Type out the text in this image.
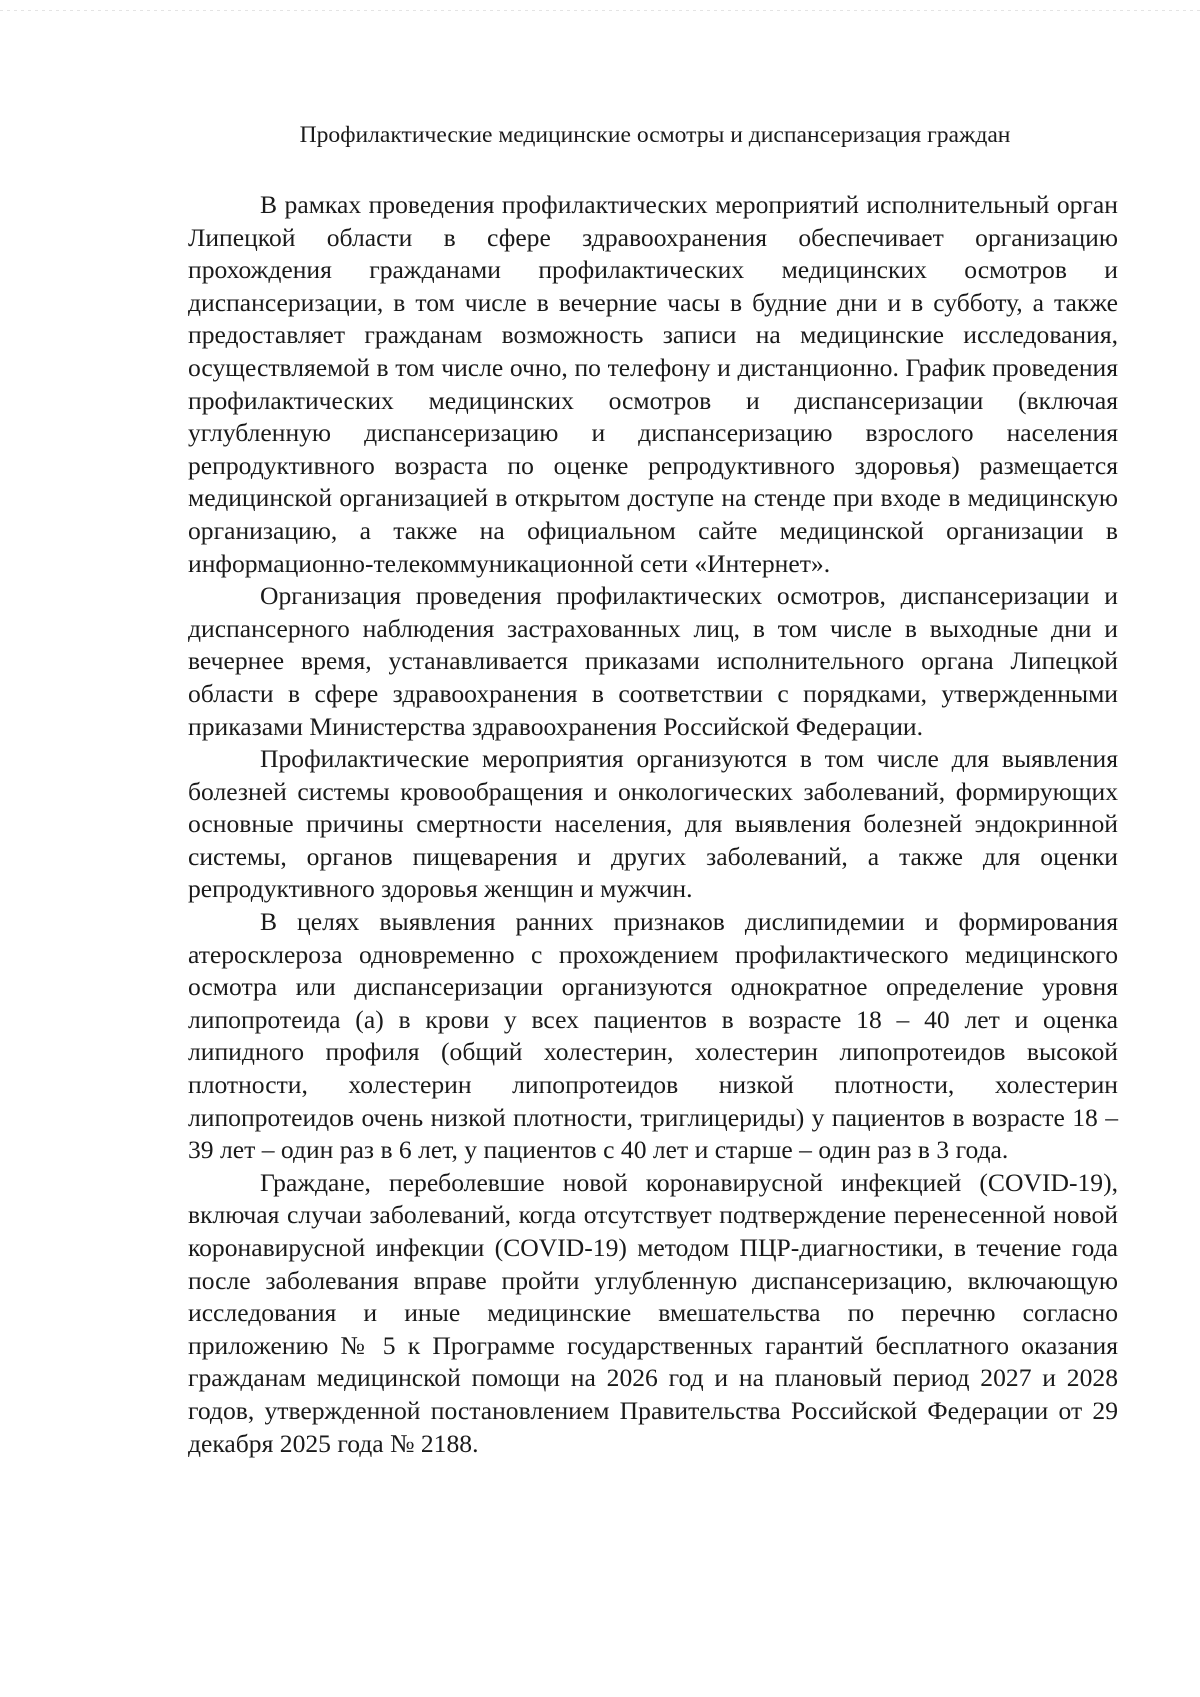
Профилактические медицинские осмотры и диспансеризация граждан

В рамках проведения профилактических мероприятий исполнительный орган Липецкой области в сфере здравоохранения обеспечивает организацию прохождения гражданами профилактических медицинских осмотров и диспансеризации, в том числе в вечерние часы в будние дни и в субботу, а также предоставляет гражданам возможность записи на медицинские исследования, осуществляемой в том числе очно, по телефону и дистанционно. График проведения профилактических медицинских осмотров и диспансеризации (включая углубленную диспансеризацию и диспансеризацию взрослого населения репродуктивного возраста по оценке репродуктивного здоровья) размещается медицинской организацией в открытом доступе на стенде при входе в медицинскую организацию, а также на официальном сайте медицинской организации в информационно-телекоммуникационной сети «Интернет».

Организация проведения профилактических осмотров, диспансеризации и диспансерного наблюдения застрахованных лиц, в том числе в выходные дни и вечернее время, устанавливается приказами исполнительного органа Липецкой области в сфере здравоохранения в соответствии с порядками, утвержденными приказами Министерства здравоохранения Российской Федерации.

Профилактические мероприятия организуются в том числе для выявления болезней системы кровообращения и онкологических заболеваний, формирующих основные причины смертности населения, для выявления болезней эндокринной системы, органов пищеварения и других заболеваний, а также для оценки репродуктивного здоровья женщин и мужчин.

В целях выявления ранних признаков дислипидемии и формирования атеросклероза одновременно с прохождением профилактического медицинского осмотра или диспансеризации организуются однократное определение уровня липопротеида (а) в крови у всех пациентов в возрасте 18 – 40 лет и оценка липидного профиля (общий холестерин, холестерин липопротеидов высокой плотности, холестерин липопротеидов низкой плотности, холестерин липопротеидов очень низкой плотности, триглицериды) у пациентов в возрасте 18 – 39 лет – один раз в 6 лет, у пациентов с 40 лет и старше – один раз в 3 года.

Граждане, переболевшие новой коронавирусной инфекцией (COVID-19), включая случаи заболеваний, когда отсутствует подтверждение перенесенной новой коронавирусной инфекции (COVID-19) методом ПЦР-диагностики, в течение года после заболевания вправе пройти углубленную диспансеризацию, включающую исследования и иные медицинские вмешательства по перечню согласно приложению № 5 к Программе государственных гарантий бесплатного оказания гражданам медицинской помощи на 2026 год и на плановый период 2027 и 2028 годов, утвержденной постановлением Правительства Российской Федерации от 29 декабря 2025 года № 2188.
